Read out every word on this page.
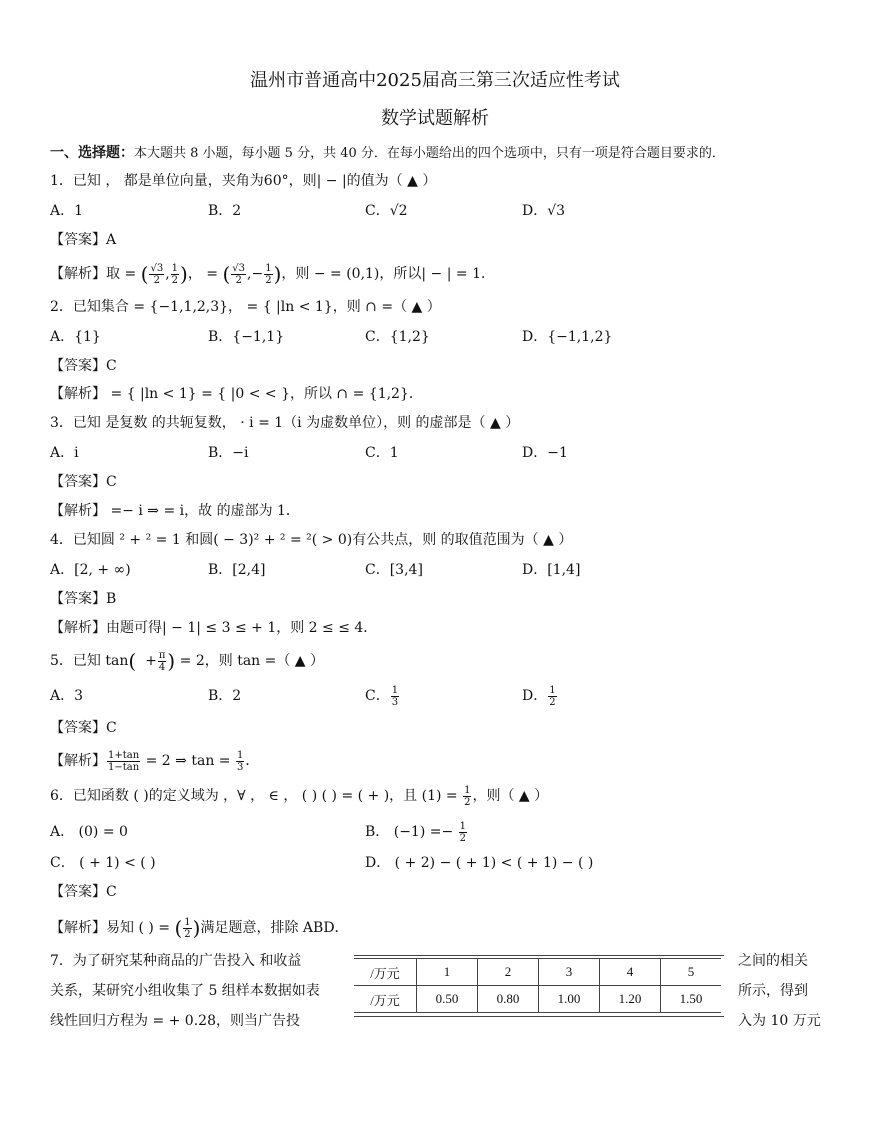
温州市普通高中2025届高三第三次适应性考试
数学试题解析
一、选择题：本大题共 8 小题，每小题 5 分，共 40 分．在每小题给出的四个选项中，只有一项是符合题目要求的．
1．已知 ， 都是单位向量，夹角为60°，则| − |的值为（ ▲ ）
A．1	B．2	C．√2	D．√3
【答案】A
【解析】取 = ( $\frac{√3}{2}$ , $\frac{1}{2}$ )， = ( $\frac{√3}{2}$ ,− $\frac{1}{2}$ )，则 − = (0,1)，所以| − | = 1．
2．已知集合 = {−1,1,2,3}， = { |ln < 1}，则 ∩ =（ ▲ ）
A．{1}	B．{−1,1}	C．{1,2}	D．{−1,1,2}
【答案】C
【解析】 = { |ln < 1} = { |0 < < }，所以 ∩ = {1,2}．
3．已知 是复数 的共轭复数， · i = 1（i 为虚数单位），则 的虚部是（ ▲ ）
A．i	B．−i	C．1	D．−1
【答案】C
【解析】 =− i ⇒ = i，故 的虚部为 1．
4．已知圆 ² + ² = 1 和圆( − 3)² + ² = ²( > 0)有公共点，则 的取值范围为（ ▲ ）
A．[2, + ∞)	B．[2,4]	C．[3,4]	D．[1,4]
【答案】B
【解析】由题可得| − 1| ≤ 3 ≤ + 1，则 2 ≤ ≤ 4．
5．已知 $\tan( + \frac{\pi}{4}$ ) = 2，则 tan =（ ▲ ）
A．3	B．2	C． $\frac{1}{3}$	D． $\frac{1}{2}$
【答案】C
【解析】 $\frac{1+\tan}{1-\tan} = 2$ ⇒ $\tan = \frac{1}{3}$ ．
6．已知函数 ( )的定义域为 ，∀ ， ∈ ， ( ) ( ) = ( + )，且 $(1) = \frac{1}{2}$ ，则（ ▲ ）
A． (0) = 0	B． $(-1) =- \frac{1}{2}$
C． ( + 1) < ( )	D． ( + 2) − ( + 1) < ( + 1) − ( )
【答案】C
【解析】易知 ( ) = ( $\frac{1}{2}$ )满足题意，排除 ABD．
7．为了研究某种商品的广告投入 和收益	之间的相关
关系，某研究小组收集了 5 组样本数据如表	所示，得到
线性回归方程为 = + 0.28，则当广告投	入为 10 万元
/万元	1	2	3	4	5
/万元	0.50	0.80	1.00	1.20	1.50
